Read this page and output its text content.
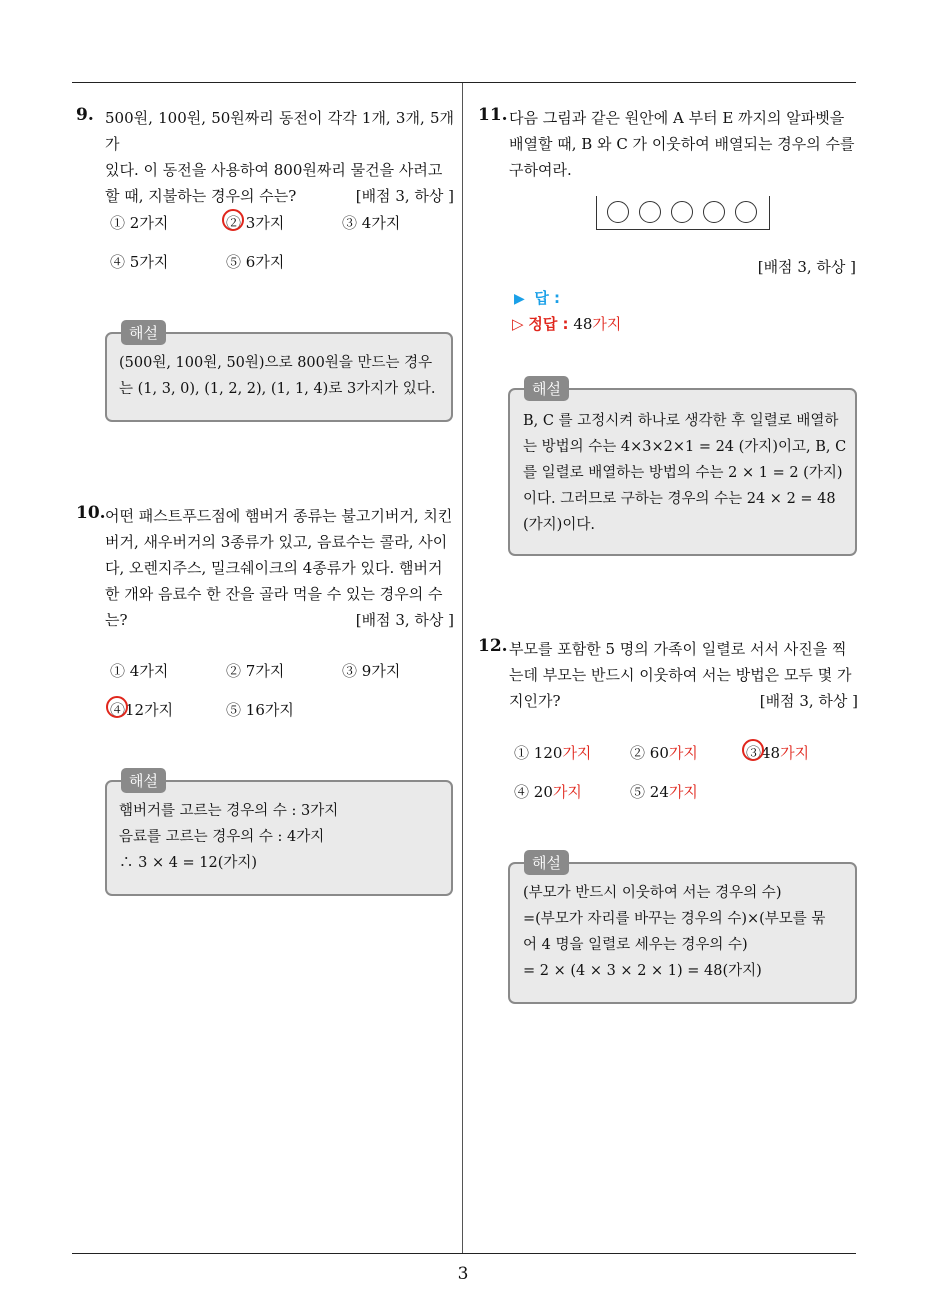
3
9. 500원, 100원, 50원짜리 동전이 각각 1개, 3개, 5개가
있다. 이 동전을 사용하여 800원짜리 물건을 사려고
할 때, 지불하는 경우의 수는?	[배점 3, 하상 ]
① 2가지	② 3가지	③ 4가지
④ 5가지	⑤ 6가지
해설
(500원, 100원, 50원)으로 800원을 만드는 경우
는 (1, 3, 0), (1, 2, 2), (1, 1, 4)로 3가지가 있다.
10. 어떤 패스트푸드점에 햄버거 종류는 불고기버거, 치킨
버거, 새우버거의 3종류가 있고, 음료수는 콜라, 사이
다, 오렌지주스, 밀크쉐이크의 4종류가 있다. 햄버거
한 개와 음료수 한 잔을 골라 먹을 수 있는 경우의 수
는?	[배점 3, 하상 ]
① 4가지	② 7가지	③ 9가지
④12가지	⑤ 16가지
해설
햄버거를 고르는 경우의 수 : 3가지
음료를 고르는 경우의 수 : 4가지
∴ 3 × 4 = 12(가지)
11. 다음 그림과 같은 원안에 A 부터 E 까지의 알파벳을
배열할 때, B 와 C 가 이웃하여 배열되는 경우의 수를
구하여라.
[배점 3, 하상 ]
▶ 답 :
▷ 정답 : 48가지
해설
B, C 를 고정시켜 하나로 생각한 후 일렬로 배열하
는 방법의 수는 4×3×2×1 = 24 (가지)이고, B, C
를 일렬로 배열하는 방법의 수는 2 × 1 = 2 (가지)
이다. 그러므로 구하는 경우의 수는 24 × 2 = 48
(가지)이다.
12. 부모를 포함한 5 명의 가족이 일렬로 서서 사진을 찍
는데 부모는 반드시 이웃하여 서는 방법은 모두 몇 가
지인가?	[배점 3, 하상 ]
① 120가지	② 60가지	③48가지
④ 20가지	⑤ 24가지
해설
(부모가 반드시 이웃하여 서는 경우의 수)
=(부모가 자리를 바꾸는 경우의 수)×(부모를 묶
어 4 명을 일렬로 세우는 경우의 수)
= 2 × (4 × 3 × 2 × 1) = 48(가지)
